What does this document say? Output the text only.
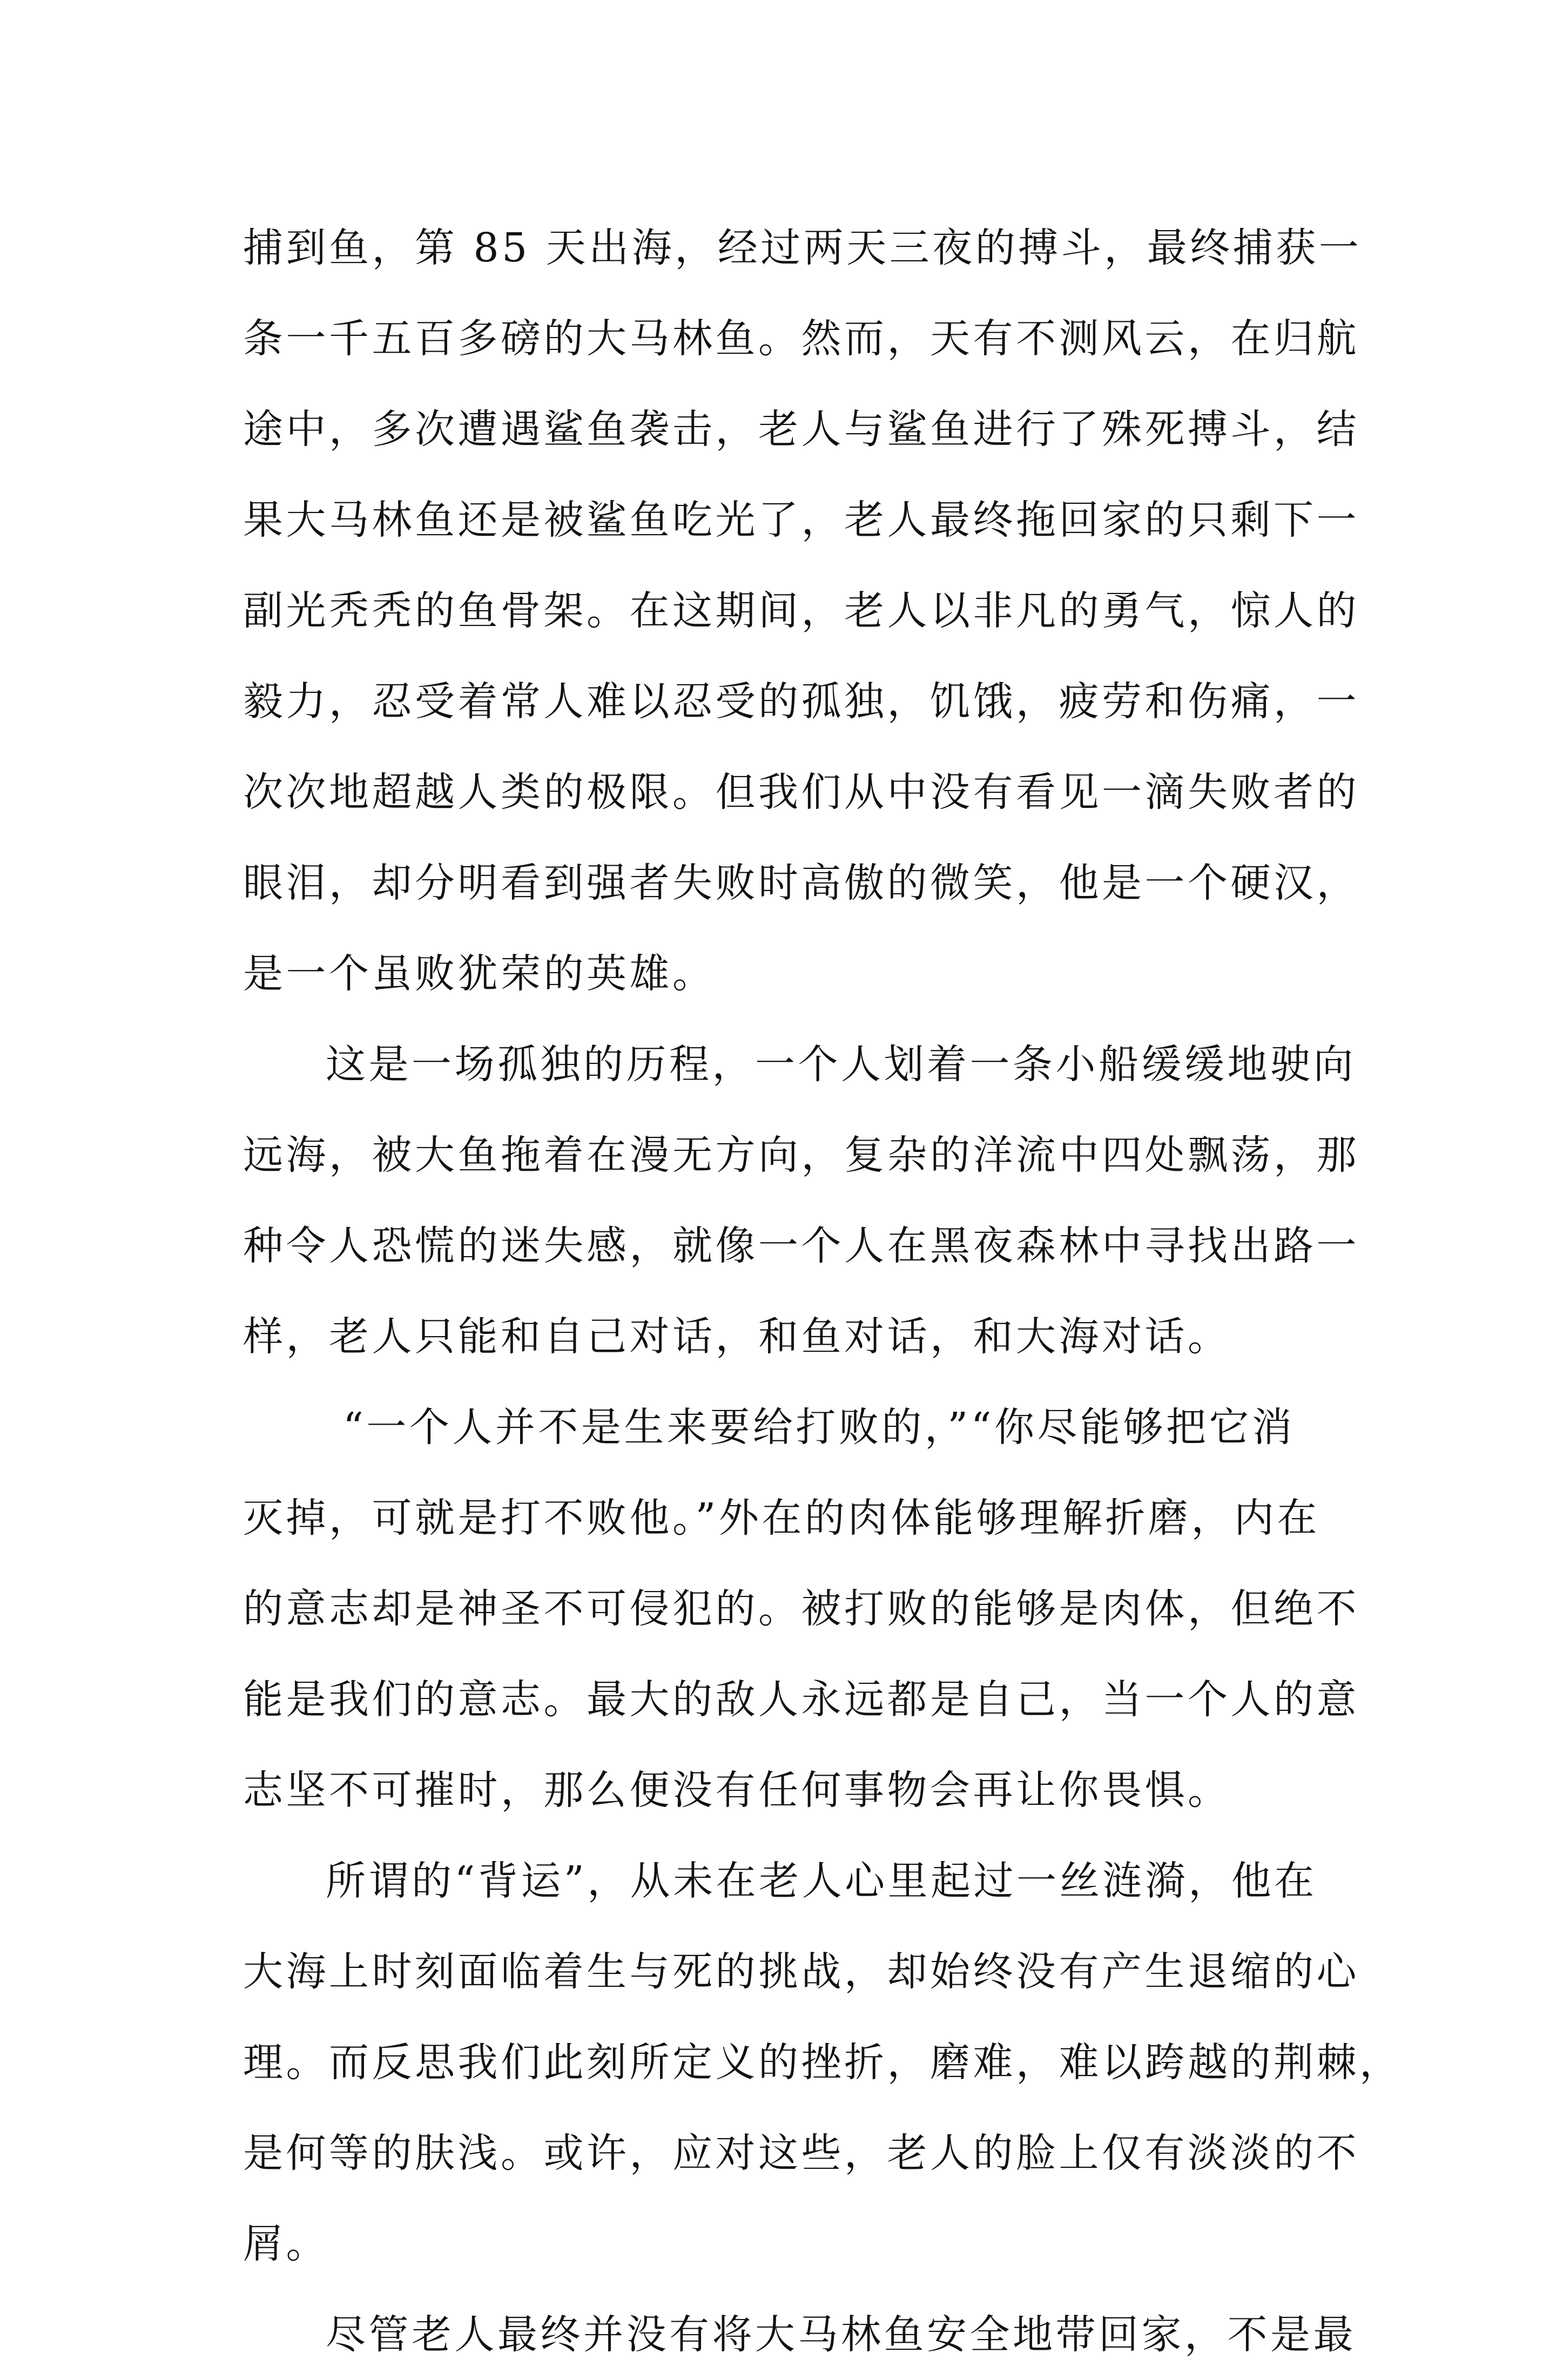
捕到鱼，第 85 天出海，经过两天三夜的搏斗，最终捕获一
条一千五百多磅的大马林鱼。然而，天有不测风云，在归航
途中，多次遭遇鲨鱼袭击，老人与鲨鱼进行了殊死搏斗，结
果大马林鱼还是被鲨鱼吃光了，老人最终拖回家的只剩下一
副光秃秃的鱼骨架。在这期间，老人以非凡的勇气，惊人的
毅力，忍受着常人难以忍受的孤独，饥饿，疲劳和伤痛，一
次次地超越人类的极限。但我们从中没有看见一滴失败者的
眼泪，却分明看到强者失败时高傲的微笑，他是一个硬汉，
是一个虽败犹荣的英雄。
这是一场孤独的历程，一个人划着一条小船缓缓地驶向
远海，被大鱼拖着在漫无方向，复杂的洋流中四处飘荡，那
种令人恐慌的迷失感，就像一个人在黑夜森林中寻找出路一
样，老人只能和自己对话，和鱼对话，和大海对话。
“一个人并不是生来要给打败的，”“你尽能够把它消
灭掉，可就是打不败他。”外在的肉体能够理解折磨，内在
的意志却是神圣不可侵犯的。被打败的能够是肉体，但绝不
能是我们的意志。最大的敌人永远都是自己，当一个人的意
志坚不可摧时，那么便没有任何事物会再让你畏惧。
所谓的“背运”，从未在老人心里起过一丝涟漪，他在
大海上时刻面临着生与死的挑战，却始终没有产生退缩的心
理。而反思我们此刻所定义的挫折，磨难，难以跨越的荆棘，
是何等的肤浅。或许，应对这些，老人的脸上仅有淡淡的不
屑。
尽管老人最终并没有将大马林鱼安全地带回家，不是最
